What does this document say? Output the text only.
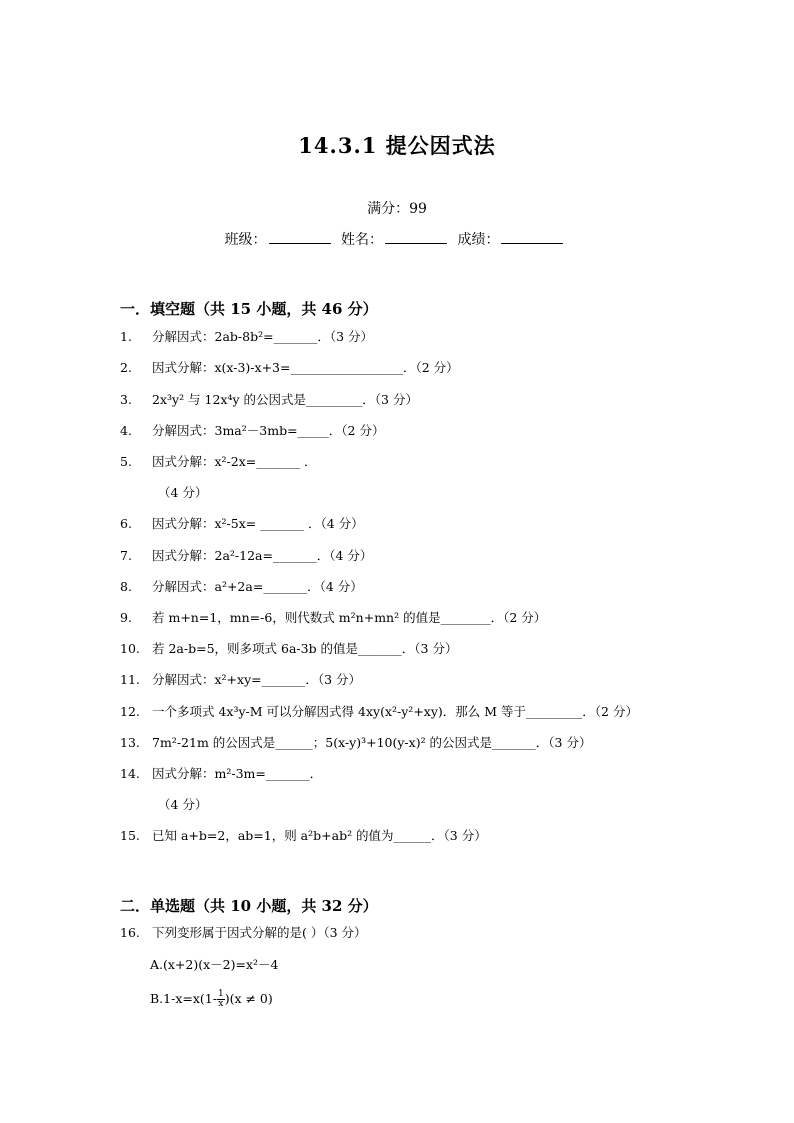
14.3.1 提公因式法
满分：99
班级：	姓名：	成绩：
一．填空题（共 15 小题，共 46 分）
1. 分解因式：2ab-8b²=_______．（3 分）
2. 因式分解：x(x-3)-x+3=__________________．（2 分）
3. 2x³y² 与 12x⁴y 的公因式是_________．（3 分）
4. 分解因式：3ma²－3mb=_____．（2 分）
5. 因式分解：x²-2x=_______ ．
（4 分）
6. 因式分解：x²-5x= _______ ．（4 分）
7. 因式分解：2a²-12a=_______．（4 分）
8. 分解因式：a²+2a=_______．（4 分）
9. 若 m+n=1，mn=-6，则代数式 m²n+mn² 的值是________．（2 分）
10. 若 2a-b=5，则多项式 6a-3b 的值是_______．（3 分）
11. 分解因式：x²+xy=_______．（3 分）
12. 一个多项式 4x³y-M 可以分解因式得 4xy(x²-y²+xy)．那么 M 等于_________．（2 分）
13. 7m²-21m 的公因式是______；5(x-y)³+10(y-x)² 的公因式是_______．（3 分）
14. 因式分解：m²-3m=_______．
（4 分）
15. 已知 a+b=2，ab=1，则 a²b+ab² 的值为______．（3 分）
二．单选题（共 10 小题，共 32 分）
16. 下列变形属于因式分解的是( ）（3 分）
A.(x+2)(x－2)=x²－4
$B.1-x=x(1- \frac{1}{x} )(x \ne 0)$
